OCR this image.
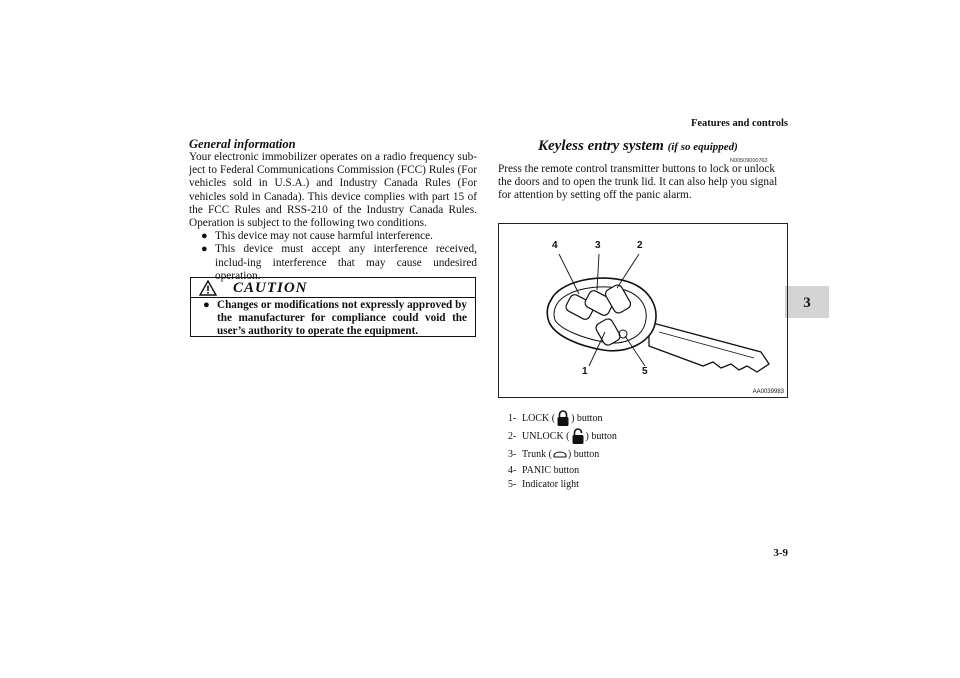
Features and controls
3
3-9

General information

Your electronic immobilizer operates on a radio frequency sub-ject to Federal Communications Commission (FCC) Rules (For vehicles sold in U.S.A.) and Industry Canada Rules (For vehicles sold in Canada). This device complies with part 15 of the FCC Rules and RSS-210 of the Industry Canada Rules. Operation is subject to the following two conditions.

● This device may not cause harmful interference.
● This device must accept any interference received, includ-ing interference that may cause undesired operation.
CAUTION
● Changes or modifications not expressly approved by the manufacturer for compliance could void the user’s authority to operate the equipment.
Keyless entry system (if so equipped)
N00509000763
Press the remote control transmitter buttons to lock or unlock the doors and to open the trunk lid. It can also help you signal for attention by setting off the panic alarm.
4	3	2
1	5
AA0039983
1- LOCK ( ) button
2- UNLOCK ( ) button
3- Trunk ( ) button
4- PANIC button
5- Indicator light
